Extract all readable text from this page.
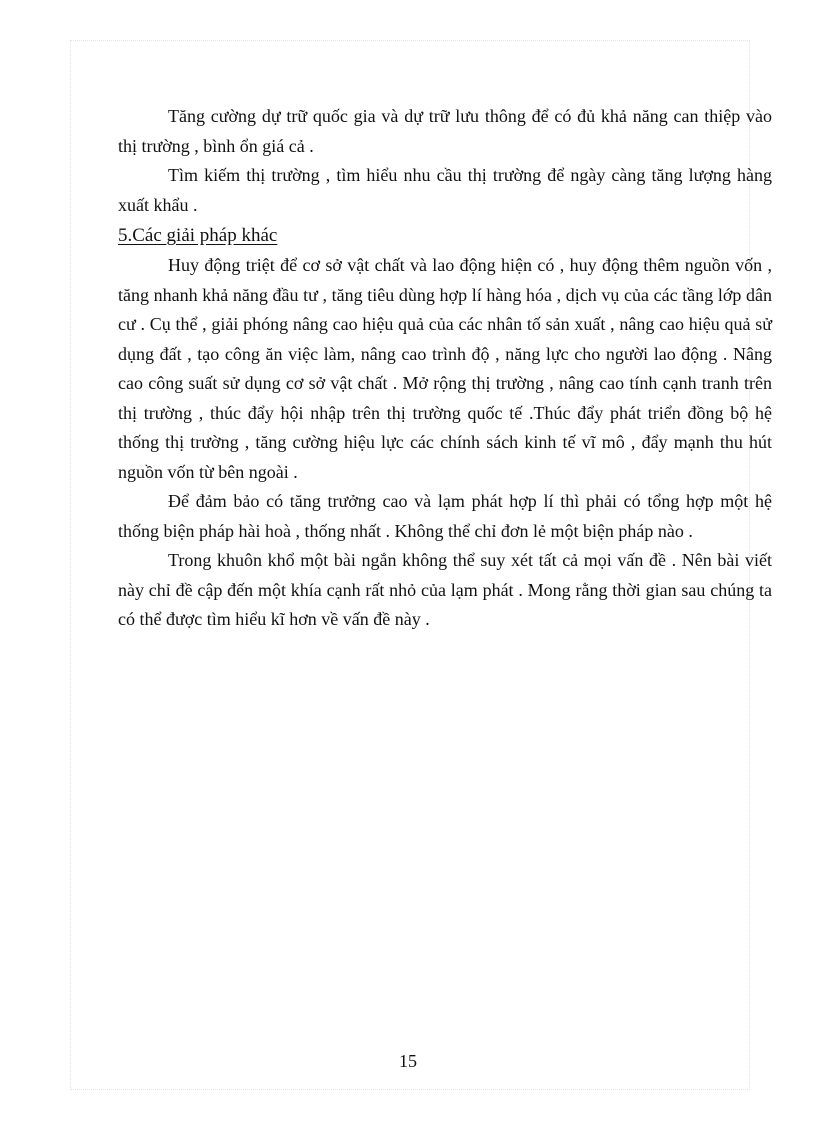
Tăng cường dự trữ quốc gia và dự trữ lưu thông để có đủ khả năng can thiệp vào thị trường , bình ổn giá cả .

Tìm kiếm thị trường , tìm hiểu nhu cầu thị trường để ngày càng tăng lượng hàng xuất khẩu .

5.Các giải pháp khác

Huy động triệt để cơ sở vật chất và lao động hiện có , huy động thêm nguồn vốn , tăng nhanh khả năng đầu tư , tăng tiêu dùng hợp lí hàng hóa , dịch vụ của các tầng lớp dân cư . Cụ thể , giải phóng nâng cao hiệu quả của các nhân tố sản xuất , nâng cao hiệu quả sử dụng đất , tạo công ăn việc làm, nâng cao trình độ , năng lực cho người lao động . Nâng cao công suất sử dụng cơ sở vật chất . Mở rộng thị trường , nâng cao tính cạnh tranh trên thị trường , thúc đẩy hội nhập trên thị trường quốc tế .Thúc đẩy phát triển đồng bộ hệ thống thị trường , tăng cường hiệu lực các chính sách kinh tế vĩ mô , đẩy mạnh thu hút nguồn vốn từ bên ngoài .

Để đảm bảo có tăng trưởng cao và lạm phát hợp lí thì phải có tổng hợp một hệ thống biện pháp hài hoà , thống nhất . Không thể chỉ đơn lẻ một biện pháp nào .

Trong khuôn khổ một bài ngắn không thể suy xét tất cả mọi vấn đề . Nên bài viết này chỉ đề cập đến một khía cạnh rất nhỏ của lạm phát . Mong rằng thời gian sau chúng ta có thể được tìm hiểu kĩ hơn về vấn đề này .

15
